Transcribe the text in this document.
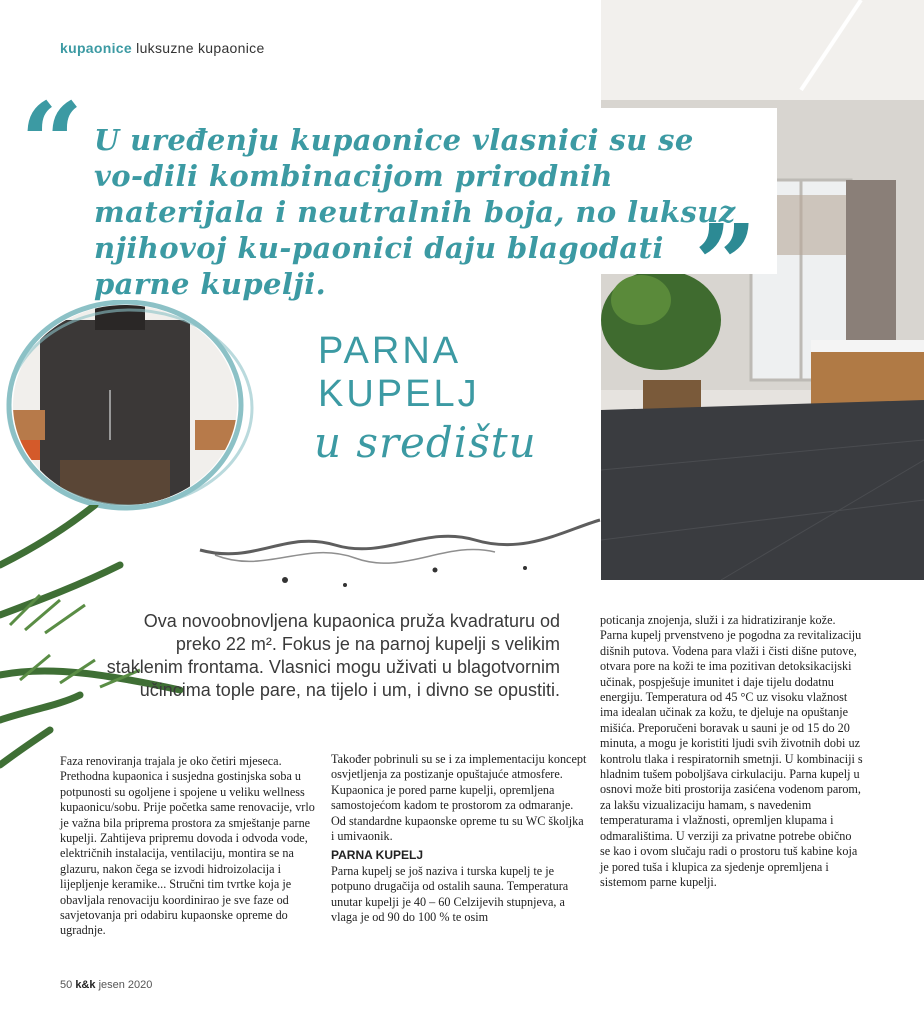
kupaonice luksuzne kupaonice
“ U uređenju kupaonice vlasnici su se vo-dili kombinacijom prirodnih materijala i neutralnih boja, no luksuz njihovoj ku-paonici daju blagodati parne kupelji.	”
PARNA
KUPELJ
u središtu
Ova novoobnovljena kupaonica pruža kvadraturu od preko 22 m². Fokus je na parnoj kupelji s velikim staklenim frontama. Vlasnici mogu uživati u blagotvornim učincima tople pare, na tijelo i um, i divno se opustiti.
Faza renoviranja trajala je oko četiri mjeseca. Prethodna kupaonica i susjedna gostinjska soba u potpunosti su ogoljene i spojene u veliku wellness kupaonicu/sobu. Prije početka same renovacije, vrlo je važna bila priprema prostora za smještanje parne kupelji. Zahtijeva pripremu dovoda i odvoda vode, električnih instalacija, ventilaciju, montira se na glazuru, nakon čega se izvodi hidroizolacija i lijepljenje keramike... Stručni tim tvrtke koja je obavljala renovaciju koordinirao je sve faze od savjetovanja pri odabiru kupaonske opreme do ugradnje.
Također pobrinuli su se i za implementaciju koncept osvjetljenja za postizanje opuštajuće atmosfere. Kupaonica je pored parne kupelji, opremljena samostojećom kadom te prostorom za odmaranje. Od standardne kupaonske opreme tu su WC školjka i umivaonik.
PARNA KUPELJ
Parna kupelj se još naziva i turska kupelj te je potpuno drugačija od ostalih sauna. Temperatura unutar kupelji je 40 – 60 Celzijevih stupnjeva, a vlaga je od 90 do 100 % te osim
poticanja znojenja, služi i za hidratiziranje kože. Parna kupelj prvenstveno je pogodna za revitalizaciju dišnih putova. Vodena para vlaži i čisti dišne putove, otvara pore na koži te ima pozitivan detoksikacijski učinak, pospješuje imunitet i daje tijelu dodatnu energiju. Temperatura od 45 °C uz visoku vlažnost ima idealan učinak za kožu, te djeluje na opuštanje mišića. Preporučeni boravak u sauni je od 15 do 20 minuta, a mogu je koristiti ljudi svih životnih dobi uz kontrolu tlaka i respiratornih smetnji. U kombinaciji s hladnim tušem poboljšava cirkulaciju. Parna kupelj u osnovi može biti prostorija zasićena vodenom parom, za lakšu vizualizaciju hamam, s navedenim temperaturama i vlažnosti, opremljen klupama i odmaralištima. U verziji za privatne potrebe obično se kao i ovom slučaju radi o prostoru tuš kabine koja je pored tuša i klupica za sjedenje opremljena i sistemom parne kupelji.
50 k&k jesen 2020
